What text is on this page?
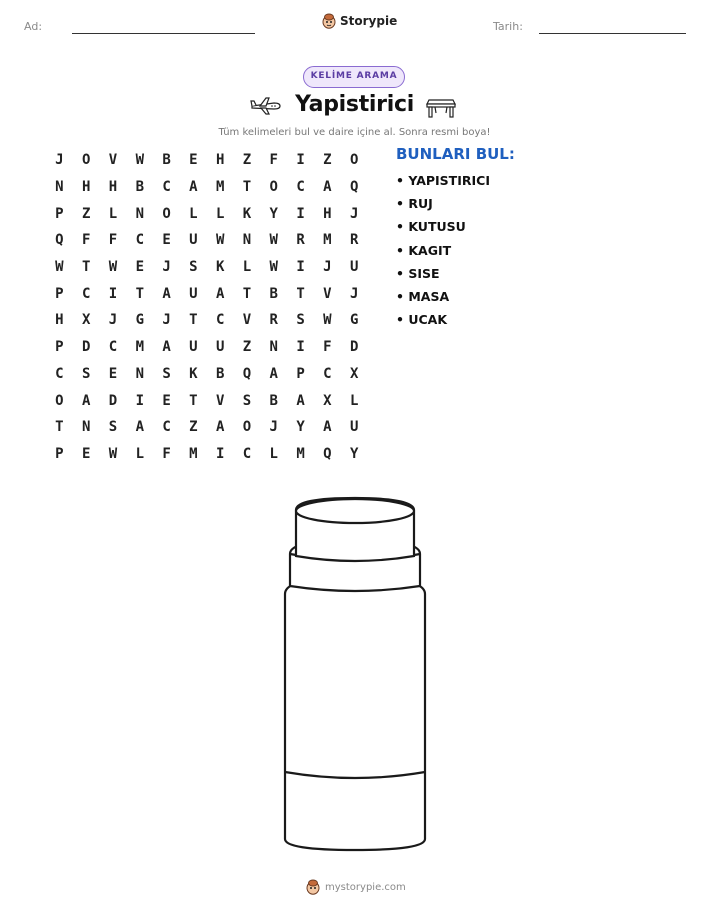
Ad:	Storypie	Tarih:
KELİME ARAMA
Yapistirici
Tüm kelimeleri bul ve daire içine al. Sonra resmi boya!
J	O	V	W	B	E	H	Z	F	I	Z	O
N	H	H	B	C	A	M	T	O	C	A	Q
P	Z	L	N	O	L	L	K	Y	I	H	J
Q	F	F	C	E	U	W	N	W	R	M	R
W	T	W	E	J	S	K	L	W	I	J	U
P	C	I	T	A	U	A	T	B	T	V	J
H	X	J	G	J	T	C	V	R	S	W	G
P	D	C	M	A	U	U	Z	N	I	F	D
C	S	E	N	S	K	B	Q	A	P	C	X
O	A	D	I	E	T	V	S	B	A	X	L
T	N	S	A	C	Z	A	O	J	Y	A	U
P	E	W	L	F	M	I	C	L	M	Q	Y
BUNLARI BUL:
• YAPISTIRICI
• RUJ
• KUTUSU
• KAGIT
• SISE
• MASA
• UCAK
mystorypie.com
